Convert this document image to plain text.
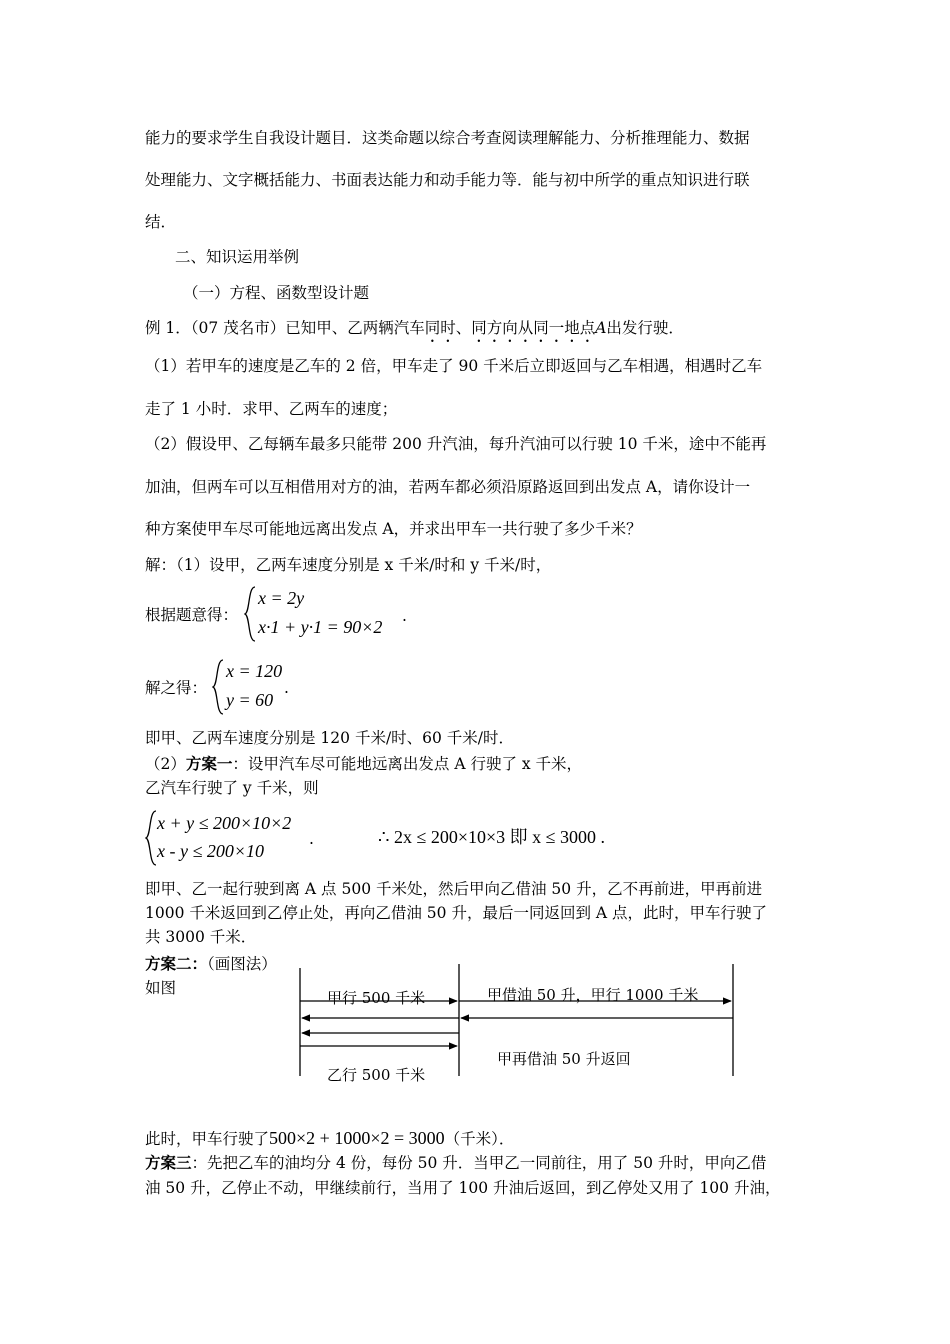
能力的要求学生自我设计题目．这类命题以综合考查阅读理解能力、分析推理能力、数据
处理能力、文字概括能力、书面表达能力和动手能力等．能与初中所学的重点知识进行联
结．
二、知识运用举例
（一）方程、函数型设计题
例 1．（07 茂名市）已知甲、乙两辆汽车同时、同方向从同一地点A出发行驶．
（1）若甲车的速度是乙车的 2 倍，甲车走了 90 千米后立即返回与乙车相遇，相遇时乙车
走了 1 小时．求甲、乙两车的速度；
（2）假设甲、乙每辆车最多只能带 200 升汽油，每升汽油可以行驶 10 千米，途中不能再
加油，但两车可以互相借用对方的油，若两车都必须沿原路返回到出发点 A，请你设计一
种方案使甲车尽可能地远离出发点 A，并求出甲车一共行驶了多少千米？
解：（1）设甲，乙两车速度分别是 x 千米/时和 y 千米/时，
根据题意得：
x = 2y
x·1 + y·1 = 90×2
.
解之得：
x = 120
y = 60
.
即甲、乙两车速度分别是 120 千米/时、60 千米/时．
（2）方案一：设甲汽车尽可能地远离出发点 A 行驶了 x 千米，
乙汽车行驶了 y 千米，则
x + y ≤ 200×10×2
x - y ≤ 200×10
.	∴ 2x ≤ 200×10×3 即 x ≤ 3000 .
即甲、乙一起行驶到离 A 点 500 千米处，然后甲向乙借油 50 升，乙不再前进，甲再前进
1000 千米返回到乙停止处，再向乙借油 50 升，最后一同返回到 A 点，此时，甲车行驶了
共 3000 千米．
方案二：（画图法）
如图
甲行 500 千米	甲借油 50 升，甲行 1000 千米
甲再借油 50 升返回
乙行 500 千米
此时，甲车行驶了500×2 + 1000×2 = 3000（千米）．
方案三：先把乙车的油均分 4 份，每份 50 升．当甲乙一同前往，用了 50 升时，甲向乙借
油 50 升，乙停止不动，甲继续前行，当用了 100 升油后返回，到乙停处又用了 100 升油，
